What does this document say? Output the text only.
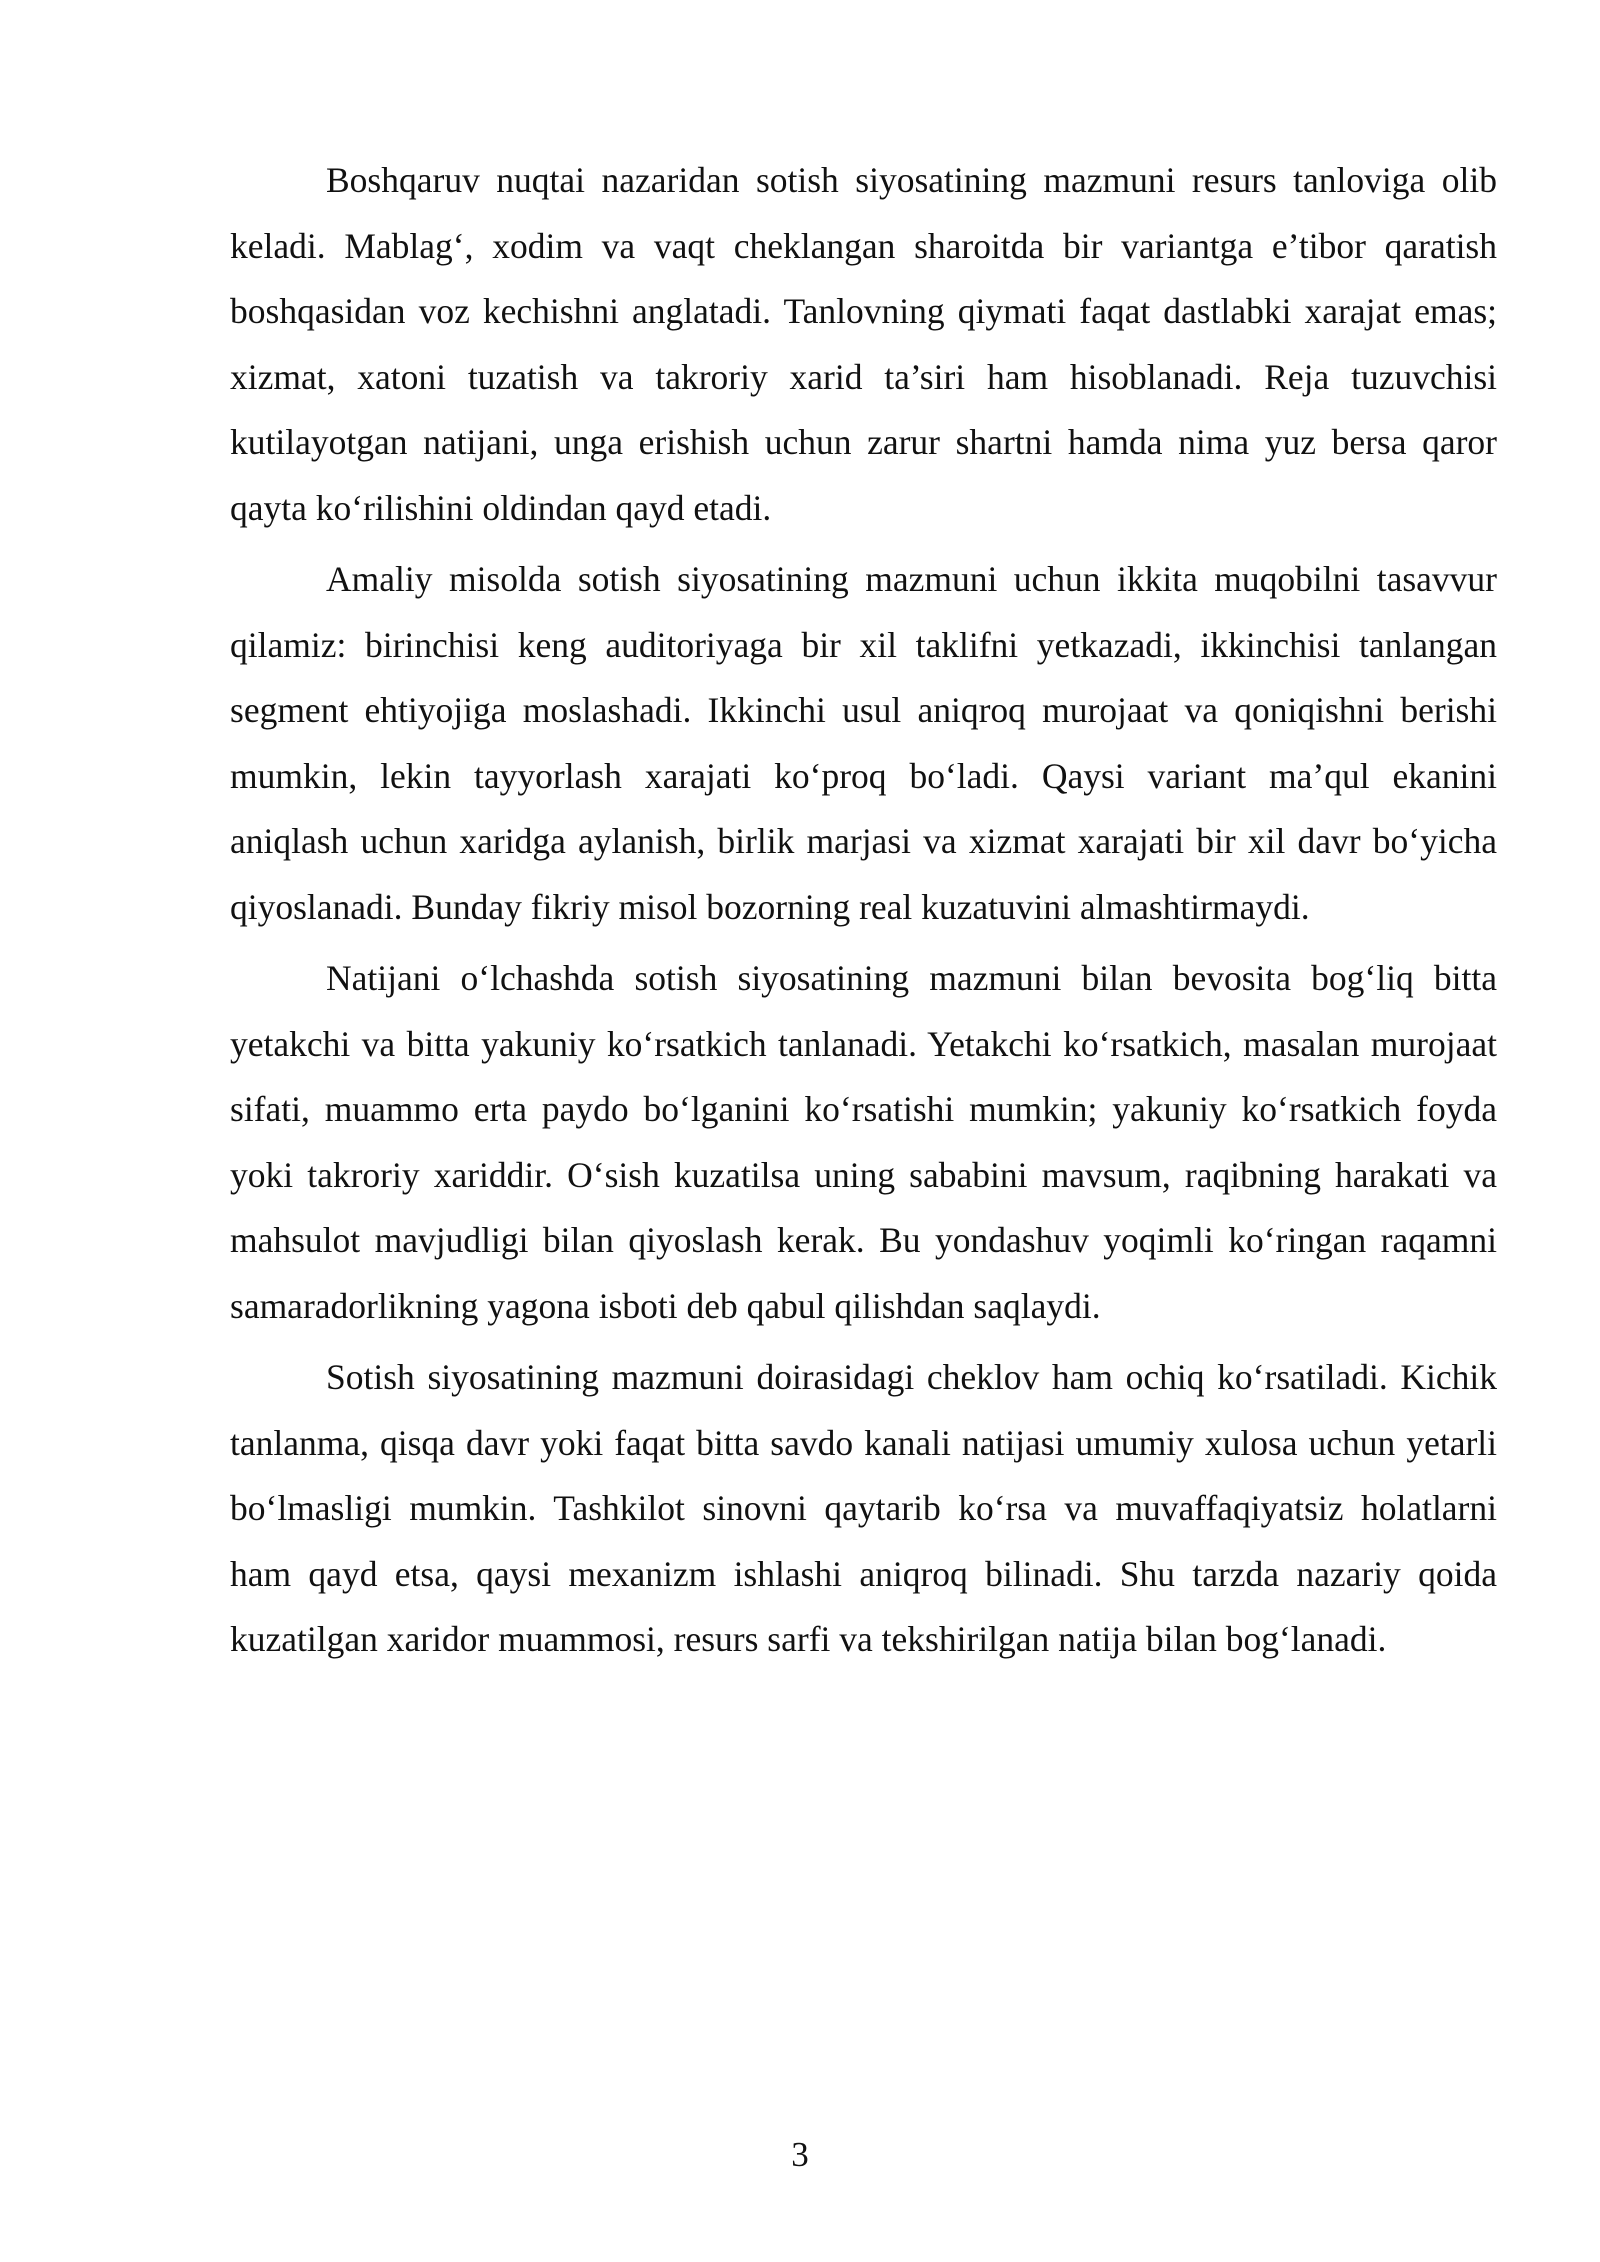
Boshqaruv nuqtai nazaridan sotish siyosatining mazmuni resurs tanloviga olib keladi. Mablag‘, xodim va vaqt cheklangan sharoitda bir variantga e’tibor qaratish boshqasidan voz kechishni anglatadi. Tanlovning qiymati faqat dastlabki xarajat emas; xizmat, xatoni tuzatish va takroriy xarid ta’siri ham hisoblanadi. Reja tuzuvchisi kutilayotgan natijani, unga erishish uchun zarur shartni hamda nima yuz bersa qaror qayta ko‘rilishini oldindan qayd etadi.

Amaliy misolda sotish siyosatining mazmuni uchun ikkita muqobilni tasavvur qilamiz: birinchisi keng auditoriyaga bir xil taklifni yetkazadi, ikkinchisi tanlangan segment ehtiyojiga moslashadi. Ikkinchi usul aniqroq murojaat va qoniqishni berishi mumkin, lekin tayyorlash xarajati ko‘proq bo‘ladi. Qaysi variant ma’qul ekanini aniqlash uchun xaridga aylanish, birlik marjasi va xizmat xarajati bir xil davr bo‘yicha qiyoslanadi. Bunday fikriy misol bozorning real kuzatuvini almashtirmaydi.

Natijani o‘lchashda sotish siyosatining mazmuni bilan bevosita bog‘liq bitta yetakchi va bitta yakuniy ko‘rsatkich tanlanadi. Yetakchi ko‘rsatkich, masalan murojaat sifati, muammo erta paydo bo‘lganini ko‘rsatishi mumkin; yakuniy ko‘rsatkich foyda yoki takroriy xariddir. O‘sish kuzatilsa uning sababini mavsum, raqibning harakati va mahsulot mavjudligi bilan qiyoslash kerak. Bu yondashuv yoqimli ko‘ringan raqamni samaradorlikning yagona isboti deb qabul qilishdan saqlaydi.

Sotish siyosatining mazmuni doirasidagi cheklov ham ochiq ko‘rsatiladi. Kichik tanlanma, qisqa davr yoki faqat bitta savdo kanali natijasi umumiy xulosa uchun yetarli bo‘lmasligi mumkin. Tashkilot sinovni qaytarib ko‘rsa va muvaffaqiyatsiz holatlarni ham qayd etsa, qaysi mexanizm ishlashi aniqroq bilinadi. Shu tarzda nazariy qoida kuzatilgan xaridor muammosi, resurs sarfi va tekshirilgan natija bilan bog‘lanadi.

3
